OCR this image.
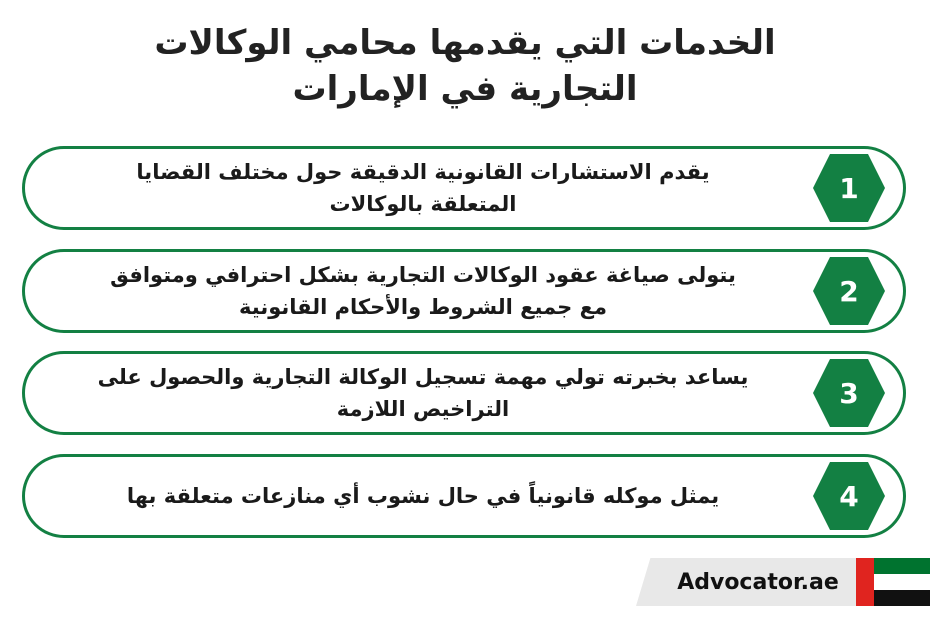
الخدمات التي يقدمها محامي الوكالات
التجارية في الإمارات
يقدم الاستشارات القانونية الدقيقة حول مختلف القضايا
المتعلقة بالوكالات	1
يتولى صياغة عقود الوكالات التجارية بشكل احترافي ومتوافق
مع جميع الشروط والأحكام القانونية	2
يساعد بخبرته تولي مهمة تسجيل الوكالة التجارية والحصول على
التراخيص اللازمة	3
يمثل موكله قانونياً في حال نشوب أي منازعات متعلقة بها	4
Advocator.ae
